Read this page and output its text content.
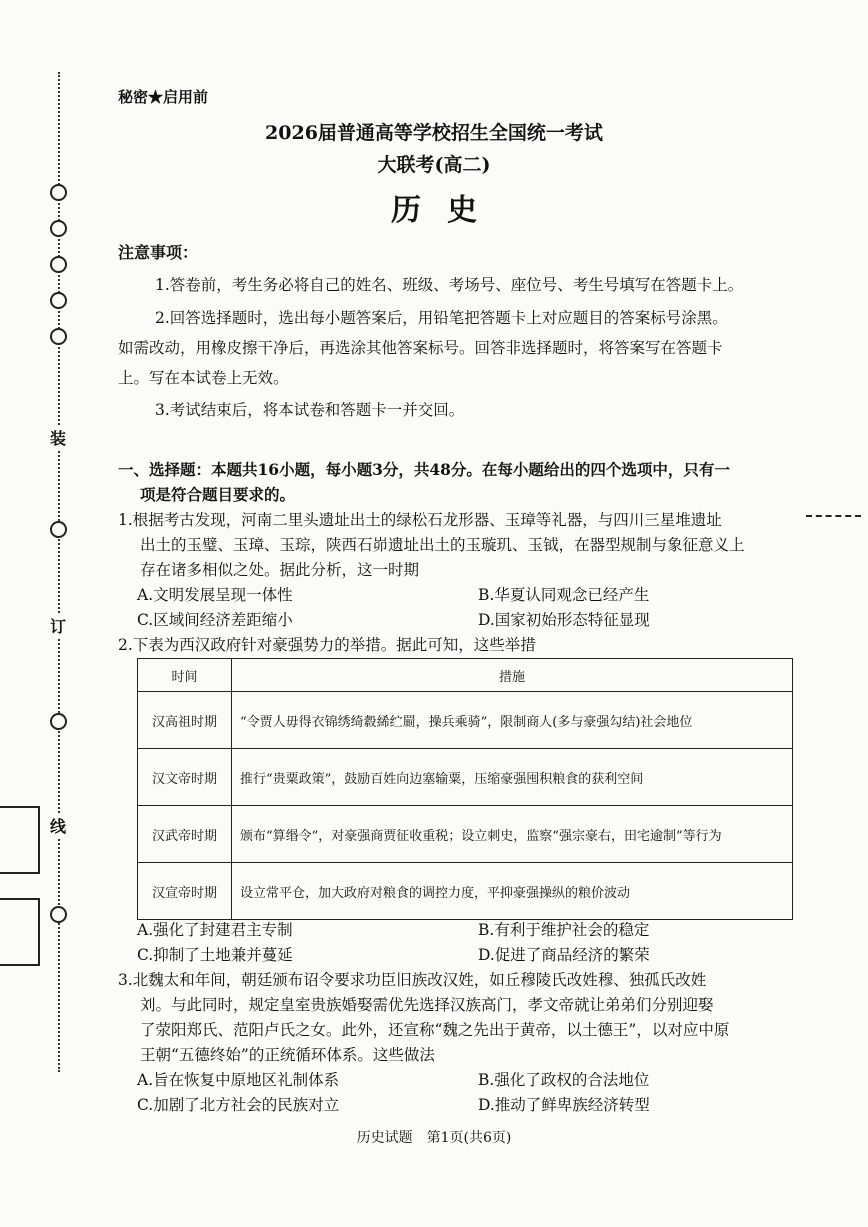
装
订
线
秘密★启用前
2026届普通高等学校招生全国统一考试
大联考(高二)
历史
注意事项：
1.答卷前，考生务必将自己的姓名、班级、考场号、座位号、考生号填写在答题卡上。
2.回答选择题时，选出每小题答案后，用铅笔把答题卡上对应题目的答案标号涂黑。
如需改动，用橡皮擦干净后，再选涂其他答案标号。回答非选择题时，将答案写在答题卡
上。写在本试卷上无效。
3.考试结束后，将本试卷和答题卡一并交回。
一、选择题：本题共16小题，每小题3分，共48分。在每小题给出的四个选项中，只有一
项是符合题目要求的。
1.根据考古发现，河南二里头遗址出土的绿松石龙形器、玉璋等礼器，与四川三星堆遗址
出土的玉璧、玉璋、玉琮，陕西石峁遗址出土的玉璇玑、玉钺，在器型规制与象征意义上
存在诸多相似之处。据此分析，这一时期
A.文明发展呈现一体性	B.华夏认同观念已经产生
C.区域间经济差距缩小	D.国家初始形态特征显现
2.下表为西汉政府针对豪强势力的举措。据此可知，这些举措
时间	措施
汉高祖时期	“令贾人毋得衣锦绣绮縠絺纻罽，操兵乘骑”，限制商人(多与豪强勾结)社会地位
汉文帝时期	推行“贵粟政策”，鼓励百姓向边塞输粟，压缩豪强囤积粮食的获利空间
汉武帝时期	颁布“算缗令”，对豪强商贾征收重税；设立刺史，监察“强宗豪右，田宅逾制”等行为
汉宣帝时期	设立常平仓，加大政府对粮食的调控力度，平抑豪强操纵的粮价波动
A.强化了封建君主专制	B.有利于维护社会的稳定
C.抑制了土地兼并蔓延	D.促进了商品经济的繁荣
3.北魏太和年间，朝廷颁布诏令要求功臣旧族改汉姓，如丘穆陵氏改姓穆、独孤氏改姓
刘。与此同时，规定皇室贵族婚娶需优先选择汉族高门，孝文帝就让弟弟们分别迎娶
了荥阳郑氏、范阳卢氏之女。此外，还宣称“魏之先出于黄帝，以土德王”，以对应中原
王朝“五德终始”的正统循环体系。这些做法
A.旨在恢复中原地区礼制体系	B.强化了政权的合法地位
C.加剧了北方社会的民族对立	D.推动了鲜卑族经济转型
历史试题　第1页(共6页)
